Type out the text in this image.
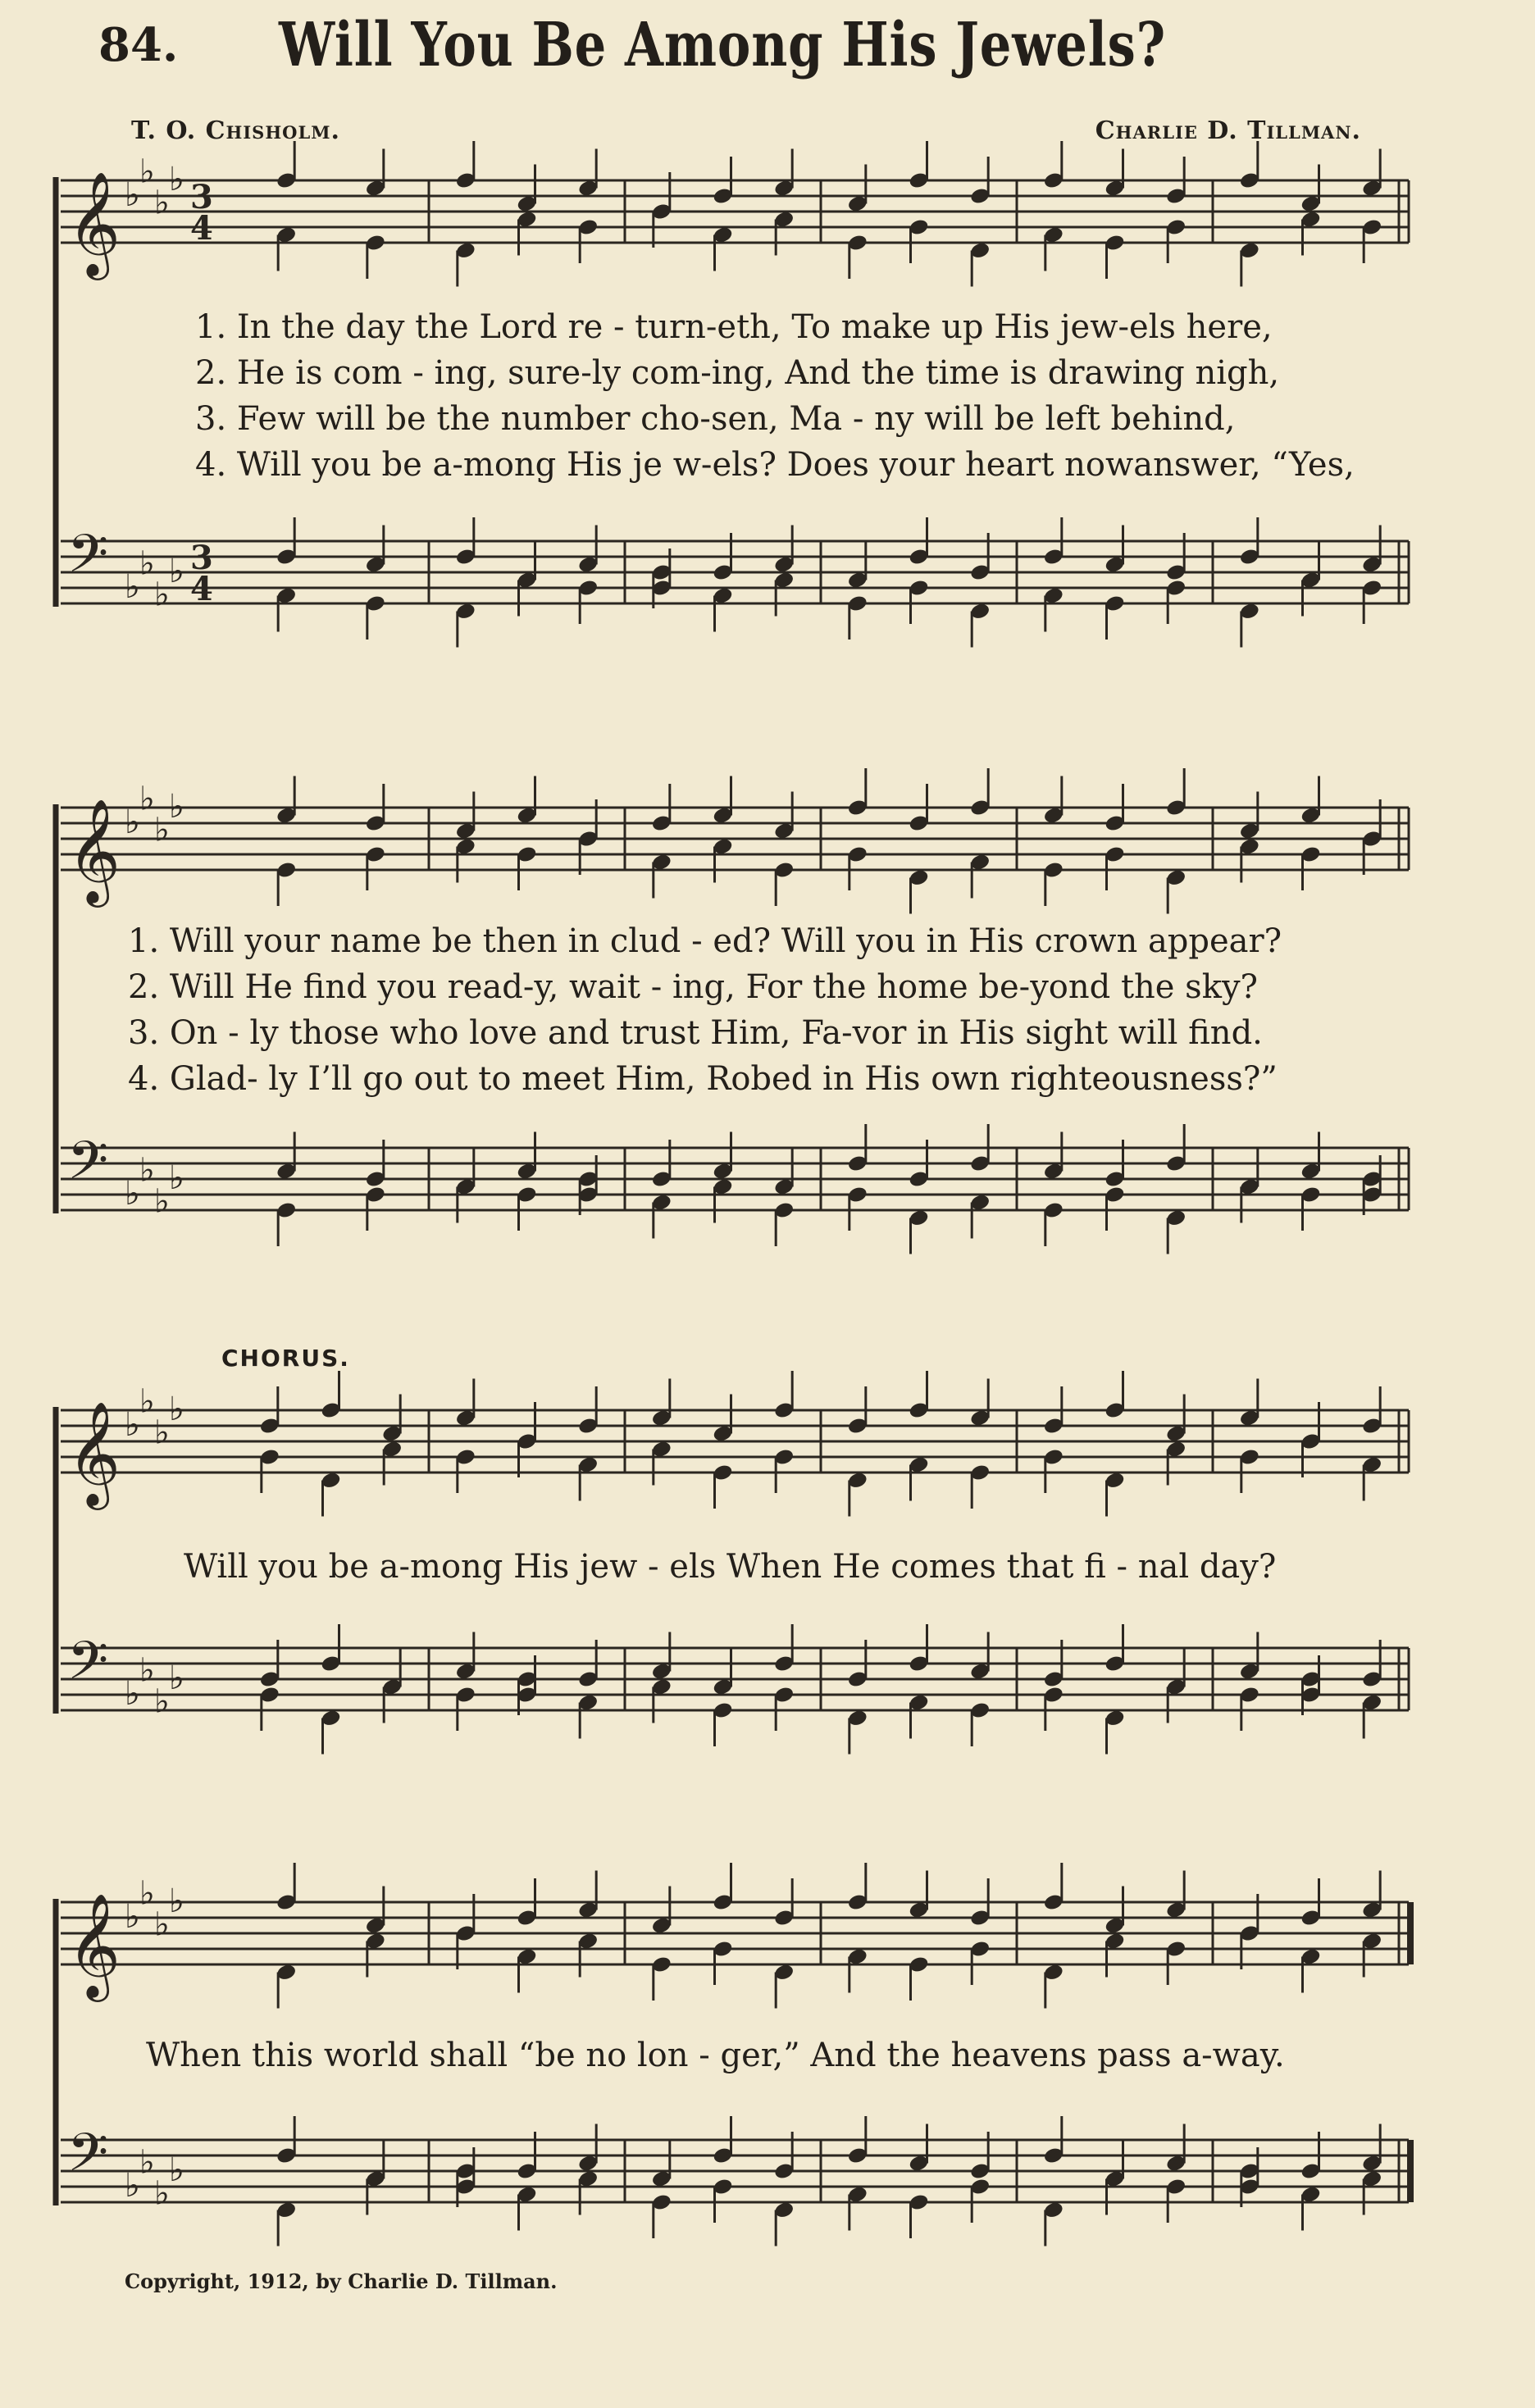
84. Will You Be Among His Jewels?
T. O. Chisholm.	Charlie D. Tillman.
𝄞 ♭
♭
♭
♭ 3
4
𝄢 ♭
♭
♭
♭ 3
4
1. In the day the Lord re - turn-eth, To make up His jew-els here,
2. He is com - ing, sure-ly com-ing, And the time is drawing nigh,
3. Few will be the number cho-sen, Ma - ny will be left behind,
4. Will you be a-mong His je w-els? Does your heart nowanswer, “Yes,
𝄞 ♭
♭
♭
♭
𝄢 ♭
♭
♭
♭
1. Will your name be then in clud - ed? Will you in His crown appear?
2. Will He find you read-y, wait - ing, For the home be-yond the sky?
3. On - ly those who love and trust Him, Fa-vor in His sight will find.
4. Glad- ly I’ll go out to meet Him, Robed in His own righteousness?”
CHORUS.
𝄞 ♭
♭
♭
♭
𝄢 ♭
♭
♭
♭
Will you be a-mong His jew - els When He comes that fi - nal day?
𝄞 ♭
♭
♭
♭
𝄢 ♭
♭
♭
♭
When this world shall “be no lon - ger,” And the heavens pass a-way.
Copyright, 1912, by Charlie D. Tillman.
